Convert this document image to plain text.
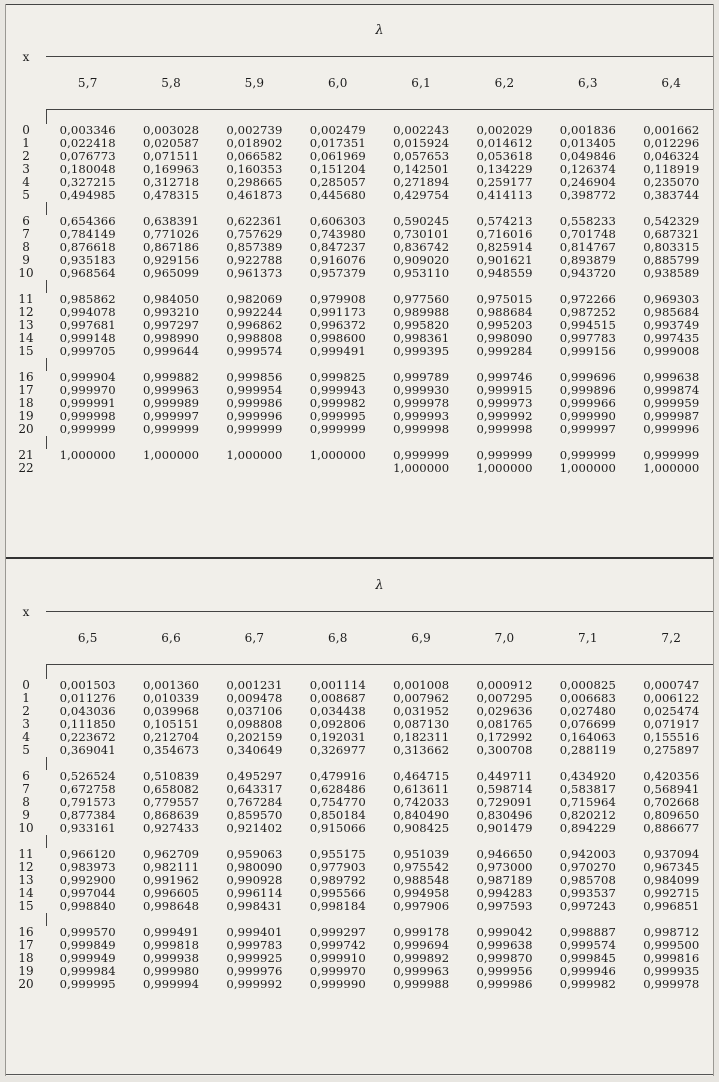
x	λ							
	5,7	5,8	5,9	6,0	6,1	6,2	6,3	6,4

0	0,003346	0,003028	0,002739	0,002479	0,002243	0,002029	0,001836	0,001662
1	0,022418	0,020587	0,018902	0,017351	0,015924	0,014612	0,013405	0,012296
2	0,076773	0,071511	0,066582	0,061969	0,057653	0,053618	0,049846	0,046324
3	0,180048	0,169963	0,160353	0,151204	0,142501	0,134229	0,126374	0,118919
4	0,327215	0,312718	0,298665	0,285057	0,271894	0,259177	0,246904	0,235070
5	0,494985	0,478315	0,461873	0,445680	0,429754	0,414113	0,398772	0,383744

6	0,654366	0,638391	0,622361	0,606303	0,590245	0,574213	0,558233	0,542329
7	0,784149	0,771026	0,757629	0,743980	0,730101	0,716016	0,701748	0,687321
8	0,876618	0,867186	0,857389	0,847237	0,836742	0,825914	0,814767	0,803315
9	0,935183	0,929156	0,922788	0,916076	0,909020	0,901621	0,893879	0,885799
10	0,968564	0,965099	0,961373	0,957379	0,953110	0,948559	0,943720	0,938589

11	0,985862	0,984050	0,982069	0,979908	0,977560	0,975015	0,972266	0,969303
12	0,994078	0,993210	0,992244	0,991173	0,989988	0,988684	0,987252	0,985684
13	0,997681	0,997297	0,996862	0,996372	0,995820	0,995203	0,994515	0,993749
14	0,999148	0,998990	0,998808	0,998600	0,998361	0,998090	0,997783	0,997435
15	0,999705	0,999644	0,999574	0,999491	0,999395	0,999284	0,999156	0,999008

16	0,999904	0,999882	0,999856	0,999825	0,999789	0,999746	0,999696	0,999638
17	0,999970	0,999963	0,999954	0,999943	0,999930	0,999915	0,999896	0,999874
18	0,999991	0,999989	0,999986	0,999982	0,999978	0,999973	0,999966	0,999959
19	0,999998	0,999997	0,999996	0,999995	0,999993	0,999992	0,999990	0,999987
20	0,999999	0,999999	0,999999	0,999999	0,999998	0,999998	0,999997	0,999996

21	1,000000	1,000000	1,000000	1,000000	0,999999	0,999999	0,999999	0,999999
22					1,000000	1,000000	1,000000	1,000000
x	λ							
	6,5	6,6	6,7	6,8	6,9	7,0	7,1	7,2

0	0,001503	0,001360	0,001231	0,001114	0,001008	0,000912	0,000825	0,000747
1	0,011276	0,010339	0,009478	0,008687	0,007962	0,007295	0,006683	0,006122
2	0,043036	0,039968	0,037106	0,034438	0,031952	0,029636	0,027480	0,025474
3	0,111850	0,105151	0,098808	0,092806	0,087130	0,081765	0,076699	0,071917
4	0,223672	0,212704	0,202159	0,192031	0,182311	0,172992	0,164063	0,155516
5	0,369041	0,354673	0,340649	0,326977	0,313662	0,300708	0,288119	0,275897

6	0,526524	0,510839	0,495297	0,479916	0,464715	0,449711	0,434920	0,420356
7	0,672758	0,658082	0,643317	0,628486	0,613611	0,598714	0,583817	0,568941
8	0,791573	0,779557	0,767284	0,754770	0,742033	0,729091	0,715964	0,702668
9	0,877384	0,868639	0,859570	0,850184	0,840490	0,830496	0,820212	0,809650
10	0,933161	0,927433	0,921402	0,915066	0,908425	0,901479	0,894229	0,886677

11	0,966120	0,962709	0,959063	0,955175	0,951039	0,946650	0,942003	0,937094
12	0,983973	0,982111	0,980090	0,977903	0,975542	0,973000	0,970270	0,967345
13	0,992900	0,991962	0,990928	0,989792	0,988548	0,987189	0,985708	0,984099
14	0,997044	0,996605	0,996114	0,995566	0,994958	0,994283	0,993537	0,992715
15	0,998840	0,998648	0,998431	0,998184	0,997906	0,997593	0,997243	0,996851

16	0,999570	0,999491	0,999401	0,999297	0,999178	0,999042	0,998887	0,998712
17	0,999849	0,999818	0,999783	0,999742	0,999694	0,999638	0,999574	0,999500
18	0,999949	0,999938	0,999925	0,999910	0,999892	0,999870	0,999845	0,999816
19	0,999984	0,999980	0,999976	0,999970	0,999963	0,999956	0,999946	0,999935
20	0,999995	0,999994	0,999992	0,999990	0,999988	0,999986	0,999982	0,999978
